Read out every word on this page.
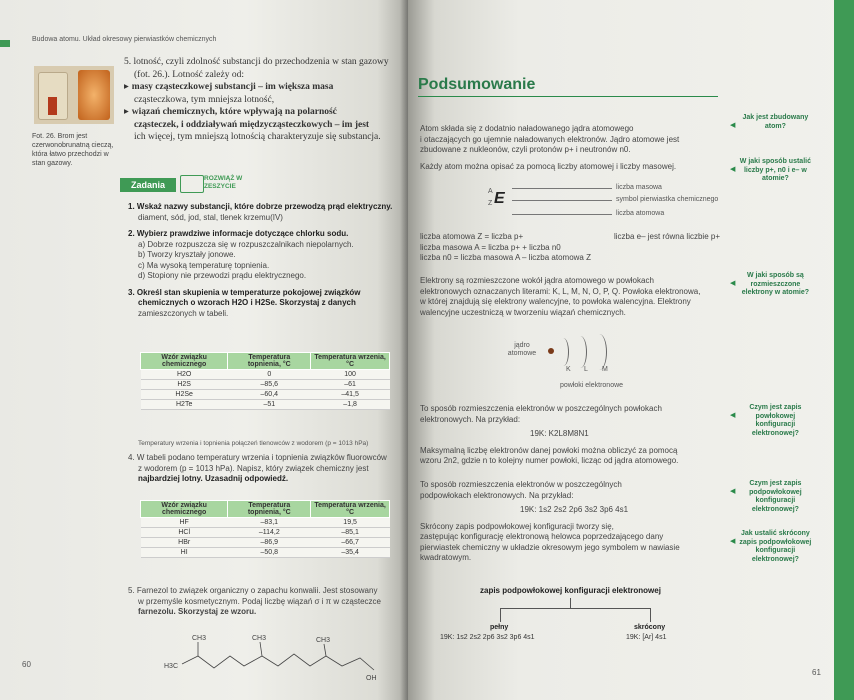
Budowa atomu. Układ okresowy pierwiastków chemicznych
Fot. 26. Brom jest czerwonobrunatną cieczą, która łatwo przechodzi w stan gazowy.
5. lotność, czyli zdolność substancji do przechodzenia w stan gazowy
(fot. 26.). Lotność zależy od:
▸ masy cząsteczkowej substancji – im większa masa
cząsteczkowa, tym mniejsza lotność,
▸ wiązań chemicznych, które wpływają na polarność
cząsteczek, i oddziaływań międzycząsteczkowych – im jest
ich więcej, tym mniejszą lotnością charakteryzuje się substancja.
Zadania
ROZWIĄŻ W ZESZYCIE
1. Wskaż nazwy substancji, które dobrze przewodzą prąd elektryczny.
diament, sód, jod, stal, tlenek krzemu(IV)
2. Wybierz prawdziwe informacje dotyczące chlorku sodu.
a) Dobrze rozpuszcza się w rozpuszczalnikach niepolarnych.
b) Tworzy kryształy jonowe.
c) Ma wysoką temperaturę topnienia.
d) Stopiony nie przewodzi prądu elektrycznego.
3. Określ stan skupienia w temperaturze pokojowej związków
chemicznych o wzorach H2O i H2Se. Skorzystaj z danych
zamieszczonych w tabeli.
Wzór związku chemicznego	Temperatura topnienia, °C	Temperatura wrzenia, °C
H2O	0	100
H2S	–85,6	–61
H2Se	–60,4	–41,5
H2Te	–51	–1,8
Temperatury wrzenia i topnienia połączeń tlenowców z wodorem (p = 1013 hPa)
4. W tabeli podano temperatury wrzenia i topnienia związków fluorowców
z wodorem (p = 1013 hPa). Napisz, który związek chemiczny jest
najbardziej lotny. Uzasadnij odpowiedź.
Wzór związku chemicznego	Temperatura topnienia, °C	Temperatura wrzenia, °C
HF	–83,1	19,5
HCl	–114,2	–85,1
HBr	–86,9	–66,7
HI	–50,8	–35,4
5. Farnezol to związek organiczny o zapachu konwalii. Jest stosowany
w przemyśle kosmetycznym. Podaj liczbę wiązań σ i π w cząsteczce
farnezolu. Skorzystaj ze wzoru.
CH3	CH3	CH3
H3C
OH
60
Podsumowanie
Atom składa się z dodatnio naładowanego jądra atomowego
i otaczających go ujemnie naładowanych elektronów. Jądro atomowe jest
zbudowane z nukleonów, czyli protonów p+ i neutronów n0.
Każdy atom można opisać za pomocą liczby atomowej i liczby masowej.
A
Z E
liczba masowa
symbol pierwiastka chemicznego
liczba atomowa
liczba atomowa Z = liczba p+	liczba e– jest równa liczbie p+
liczba masowa A = liczba p+ + liczba n0
liczba n0 = liczba masowa A – liczba atomowa Z
Elektrony są rozmieszczone wokół jądra atomowego w powłokach
elektronowych oznaczanych literami: K, L, M, N, O, P, Q. Powłoka elektronowa,
w której znajdują się elektrony walencyjne, to powłoka walencyjna. Elektrony
walencyjne uczestniczą w tworzeniu wiązań chemicznych.
jądro atomowe
K L M
powłoki elektronowe
To sposób rozmieszczenia elektronów w poszczególnych powłokach
elektronowych. Na przykład:
19K: K2L8M8N1
Maksymalną liczbę elektronów danej powłoki można obliczyć za pomocą
wzoru 2n2, gdzie n to kolejny numer powłoki, licząc od jądra atomowego.
To sposób rozmieszczenia elektronów w poszczególnych
podpowłokach elektronowych. Na przykład:
19K: 1s2 2s2 2p6 3s2 3p6 4s1
Skrócony zapis podpowłokowej konfiguracji tworzy się,
zastępując konfigurację elektronową helowca poprzedzającego dany
pierwiastek chemiczny w układzie okresowym jego symbolem w nawiasie
kwadratowym.
zapis podpowłokowej konfiguracji elektronowej
pełny
19K: 1s2 2s2 2p6 3s2 3p6 4s1
skrócony
19K: [Ar] 4s1
◀Jak jest zbudowany atom?
◀W jaki sposób ustalić liczby p+, n0 i e– w atomie?
◀W jaki sposób są rozmieszczone elektrony w atomie?
◀Czym jest zapis powłokowej konfiguracji elektronowej?
◀Czym jest zapis podpowłokowej konfiguracji elektronowej?
◀Jak ustalić skrócony zapis podpowłokowej konfiguracji elektronowej?
61
